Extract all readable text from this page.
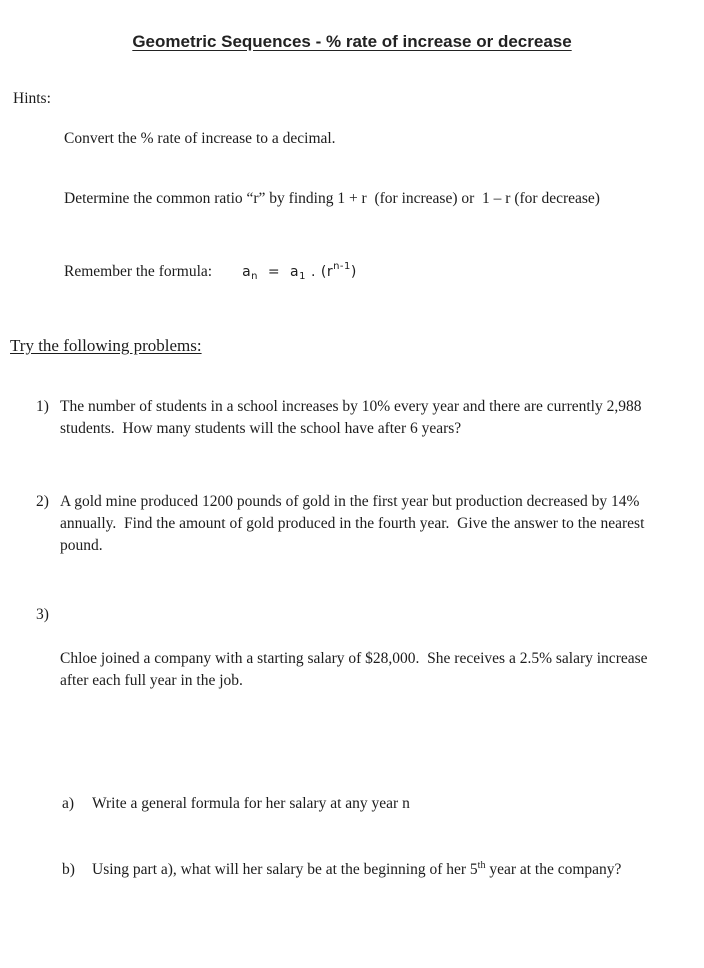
Geometric Sequences - % rate of increase or decrease
Hints:

Convert the % rate of increase to a decimal.

Determine the common ratio “r” by finding 1 + r  (for increase) or  1 – r (for decrease)

Remember the formula: $a_n = a_1$ . $(r^{n-1})$
Try the following problems:
1) The number of students in a school increases by 10% every year and there are currently 2,988 students.  How many students will the school have after 6 years?
2) A gold mine produced 1200 pounds of gold in the first year but production decreased by 14% annually.  Find the amount of gold produced in the fourth year.  Give the answer to the nearest pound.
3)

Chloe joined a company with a starting salary of $28,000.  She receives a 2.5% salary increase after each full year in the job.

a)	Write a general formula for her salary at any year n

b)	Using part a), what will her salary be at the beginning of her 5th year at the company?
